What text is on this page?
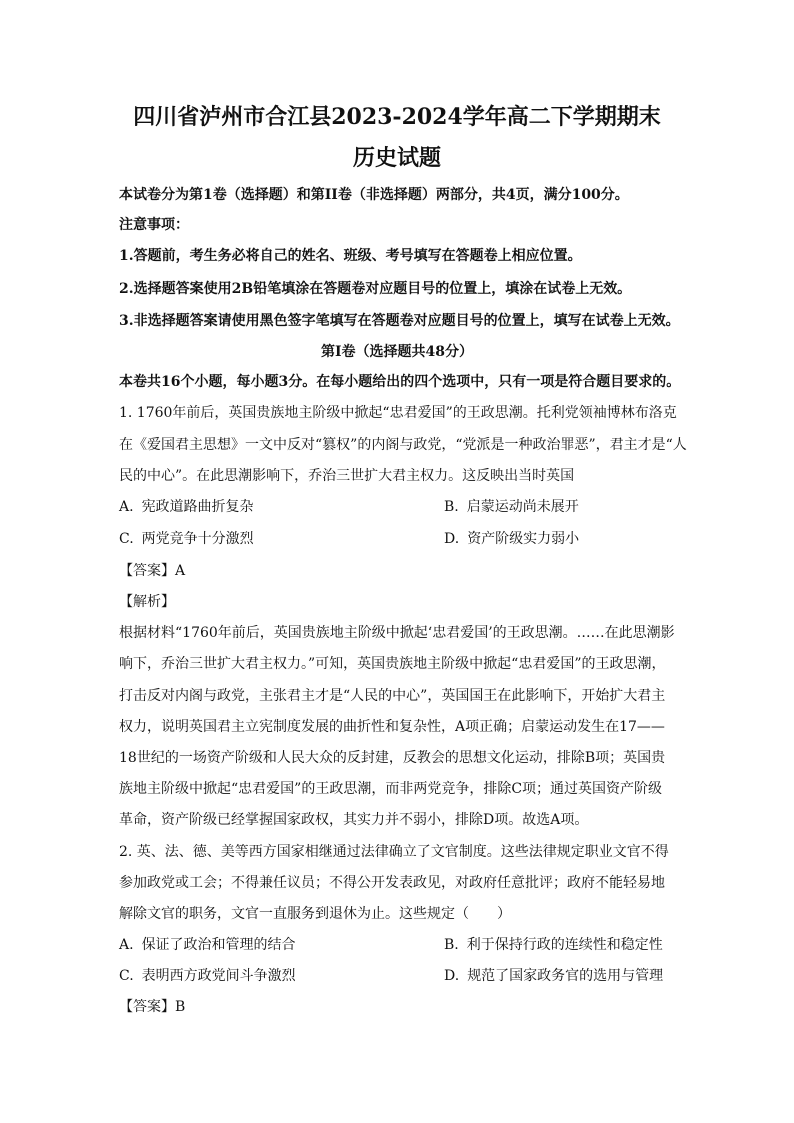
四川省泸州市合江县2023-2024学年高二下学期期末
历史试题
本试卷分为第1卷（选择题）和第II卷（非选择题）两部分，共4页，满分100分。
注意事项：
1.答题前，考生务必将自己的姓名、班级、考号填写在答题卷上相应位置。
2.选择题答案使用2B铅笔填涂在答题卷对应题目号的位置上，填涂在试卷上无效。
3.非选择题答案请使用黑色签字笔填写在答题卷对应题目号的位置上，填写在试卷上无效。
第I卷（选择题共48分）
本卷共16个小题，每小题3分。在每小题给出的四个选项中，只有一项是符合题目要求的。
1. 1760年前后，英国贵族地主阶级中掀起“忠君爱国”的王政思潮。托利党领袖博林布洛克
在《爱国君主思想》一文中反对“篡权”的内阁与政党，“党派是一种政治罪恶”，君主才是“人
民的中心”。在此思潮影响下，乔治三世扩大君主权力。这反映出当时英国
A. 宪政道路曲折复杂	B. 启蒙运动尚未展开
C. 两党竞争十分激烈	D. 资产阶级实力弱小
【答案】A
【解析】
根据材料“1760年前后，英国贵族地主阶级中掀起‘忠君爱国’的王政思潮。……在此思潮影
响下，乔治三世扩大君主权力。”可知，英国贵族地主阶级中掀起“忠君爱国”的王政思潮，
打击反对内阁与政党，主张君主才是“人民的中心”，英国国王在此影响下，开始扩大君主
权力，说明英国君主立宪制度发展的曲折性和复杂性，A项正确；启蒙运动发生在17——
18世纪的一场资产阶级和人民大众的反封建，反教会的思想文化运动，排除B项；英国贵
族地主阶级中掀起“忠君爱国”的王政思潮，而非两党竞争，排除C项；通过英国资产阶级
革命，资产阶级已经掌握国家政权，其实力并不弱小，排除D项。故选A项。
2. 英、法、德、美等西方国家相继通过法律确立了文官制度。这些法律规定职业文官不得
参加政党或工会；不得兼任议员；不得公开发表政见，对政府任意批评；政府不能轻易地
解除文官的职务，文官一直服务到退休为止。这些规定（　　）
A. 保证了政治和管理的结合	B. 利于保持行政的连续性和稳定性
C. 表明西方政党间斗争激烈	D. 规范了国家政务官的选用与管理
【答案】B
